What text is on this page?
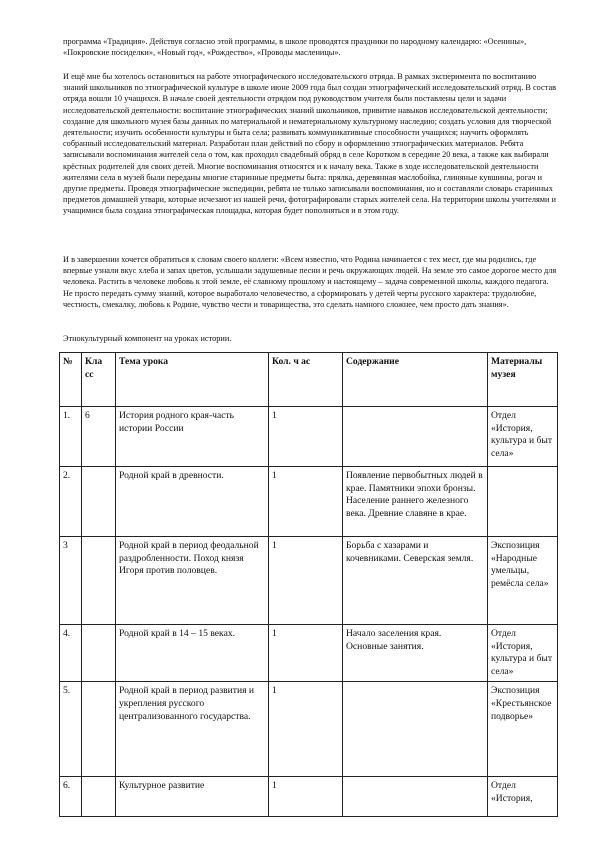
программа «Традиция». Действуя согласно этой программы, в школе проводятся праздники по народному календарю: «Осенины», «Покровские посиделки», «Новый год», «Рождество», «Проводы масленицы».

И ещё мне бы хотелось остановиться на работе этнографического исследовательского отряда. В рамках эксперимента по воспитанию знаний школьников по этнографической культуре в школе июне 2009 года был создан этнографический исследовательский отряд. В состав отряда вошли 10 учащихся. В начале своей деятельности отрядом под руководством учителя были поставлены цели и задачи исследовательской деятельности: воспитание этнографических знаний школьников, привитие навыков исследовательской деятельности; создание для школьного музея базы данных по материальной и нематериальному культурному наследию; создать условия для творческой деятельности; изучить особенности культуры и быта села; развивать коммуникативные способности учащихся; научить оформлять собранный исследовательский материал. Разработан план действий по сбору и оформлению этнографических материалов. Ребята записывали воспоминания жителей села о том, как проходил свадебный обряд в селе Коротком в середине 20 века, а также как выбирали крёстных родителей для своих детей. Многие воспоминания относятся и к началу века. Также в ходе исследовательской деятельности жителями села в музей были переданы многие старинные предметы быта: прялка, деревянная маслобойка, глиняные кувшины, рогач и другие предметы. Проведя этнографические экспедиции, ребята не только записывали воспоминания, но и составляли словарь старинных предметов домашней утвари, которые исчезают из нашей речи, фотографировали старых жителей села. На территории школы учителями и учащимися была создана этнографическая площадка, которая будет пополняться и в этом году.

И в завершении хочется обратиться к словам своего коллеги: «Всем известно, что Родина начинается с тех мест, где мы родились, где впервые узнали вкус хлеба и запах цветов, услышали задушевные песни и речь окружающих людей. На земле это самое дорогое место для человека. Растить в человеке любовь к этой земле, её славному прошлому и настоящему – задача современной школы, каждого педагога. Не просто передать сумму знаний, которое выработало человечество, а сформировать у детей черты русского характера: трудолюбие, честность, смекалку, любовь к Родине, чувство чести и товарищества, это сделать намного сложнее, чем просто дать знания».

Этнокультурный компонент на уроках истории.

№	Кла сс	Тема урока	Кол. ч ас	Содержание	Материалы музея
1.	6	История родного края-часть истории России	1		Отдел «История, культура и быт села»
2.		Родной край в древности.	1	Появление первобытных людей в крае. Памятники эпохи бронзы. Население раннего железного века. Древние славяне в крае.	
3		Родной край в период феодальной раздробленности. Поход князя Игоря против половцев.	1	Борьба с хазарами и кочевниками. Северская земля.	Экспозиция «Народные умельцы, ремёсла села»
4.		Родной край в 14 – 15 веках.	1	Начало заселения края. Основные занятия.	Отдел «История, культура и быт села»
5.		Родной край в период развития и укрепления русского централизованного государства.	1		Экспозиция «Крестьянское подворье»
6.		Культурное развитие	1		Отдел «История,
